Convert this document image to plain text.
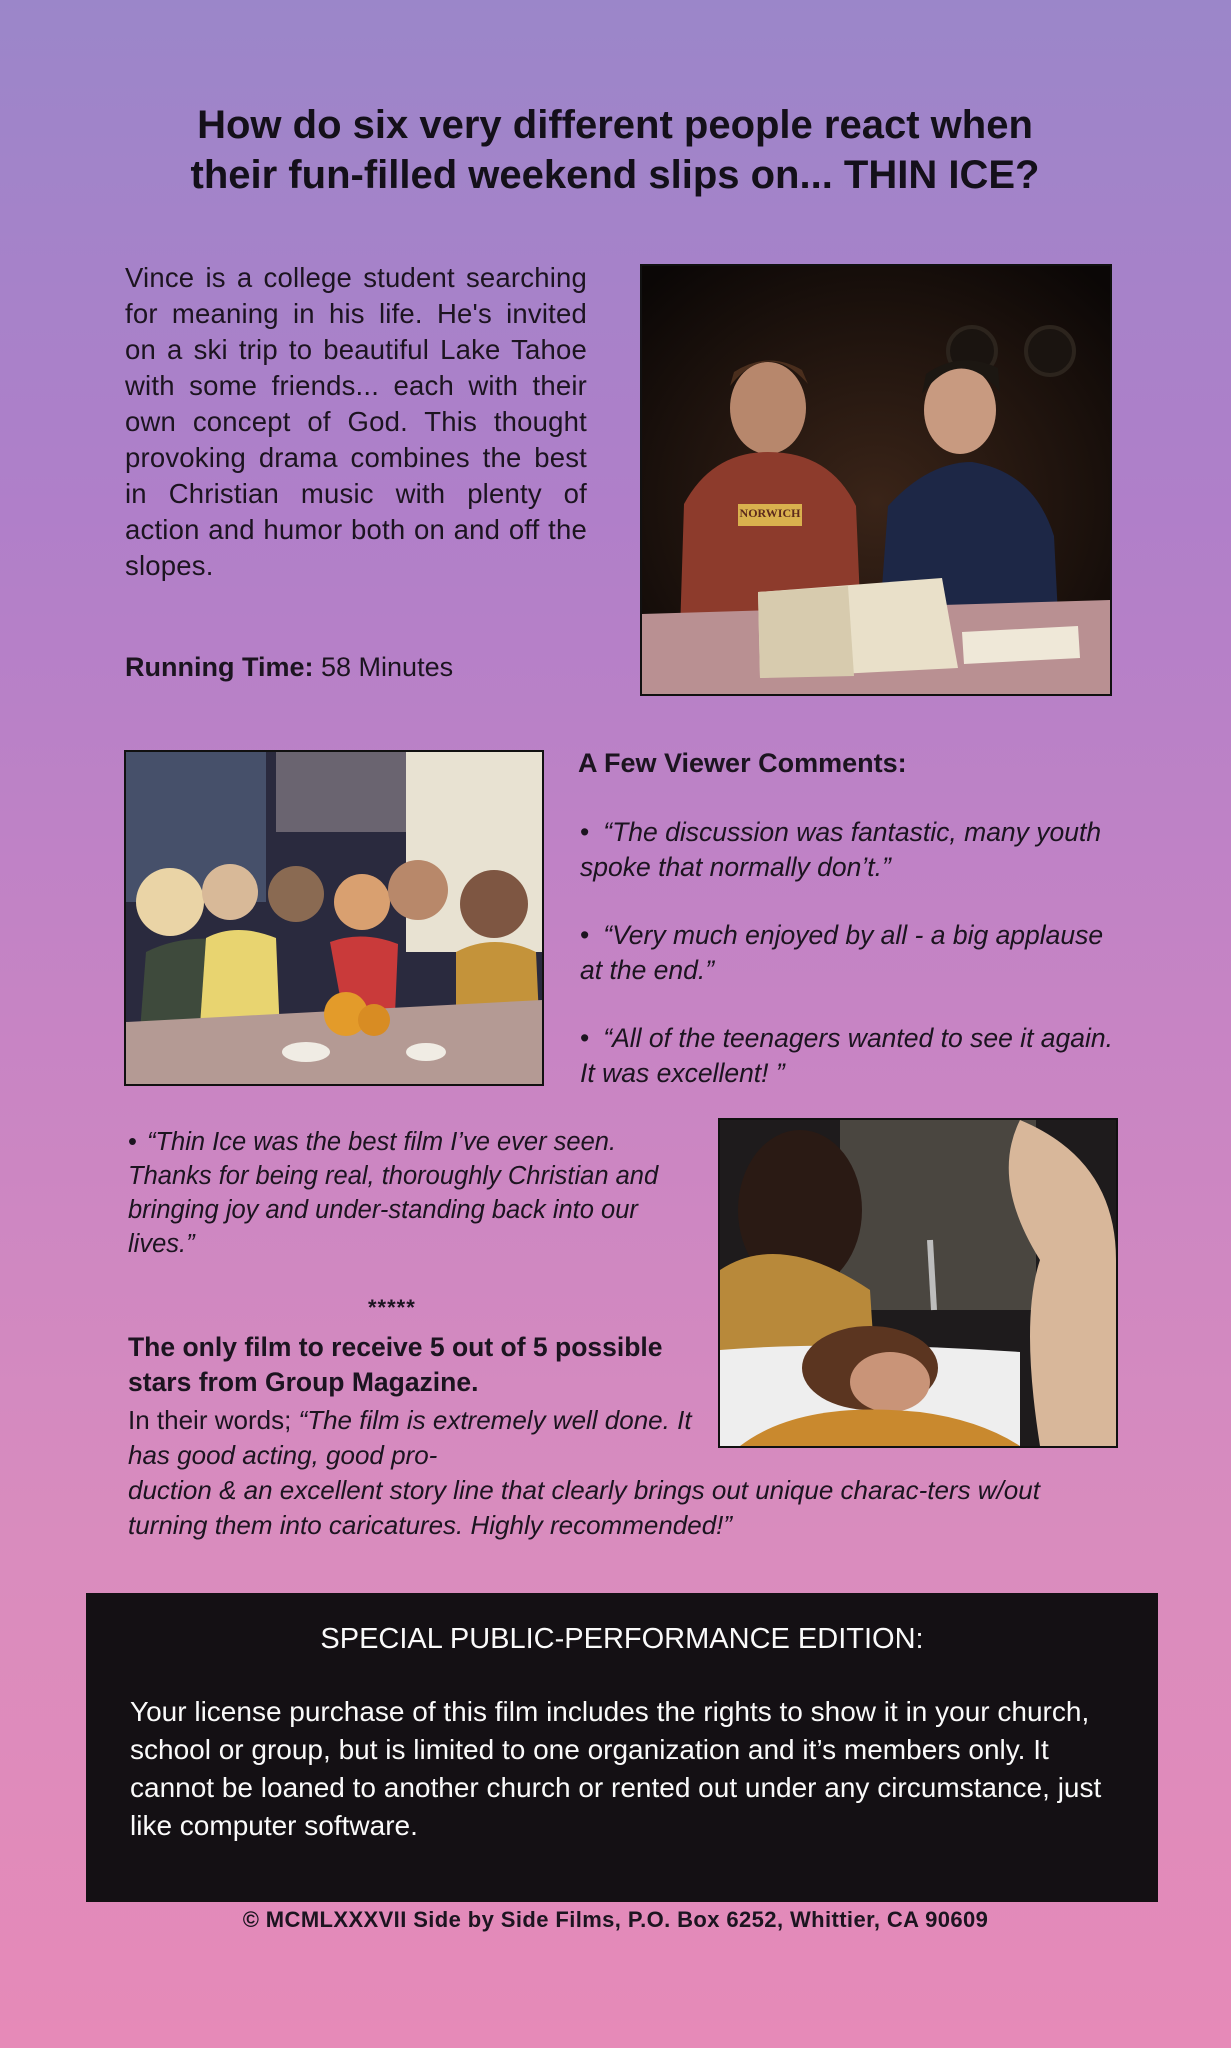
How do six very different people react when
their fun-filled weekend slips on... THIN ICE?
Vince is a college student searching for meaning in his life. He's invited on a ski trip to beautiful Lake Tahoe with some friends... each with their own concept of God. This thought provoking drama combines the best in Christian music with plenty of action and humor both on and off the slopes.
Running Time: 58 Minutes
NORWICH
A Few Viewer Comments:
• “The discussion was fantastic, many youth spoke that normally don’t.”
• “Very much enjoyed by all - a big applause at the end.”
• “All of the teenagers wanted to see it again. It was excellent! ”
• “Thin Ice was the best film I’ve ever seen. Thanks for being real, thoroughly Christian and bringing joy and under-standing back into our lives.”
*****
The only film to receive 5 out of 5 possible stars from Group Magazine.
In their words; “The film is extremely well done. It has good acting, good pro-
duction & an excellent story line that clearly brings out unique charac-ters w/out turning them into caricatures. Highly recommended!”
SPECIAL PUBLIC-PERFORMANCE EDITION:
Your license purchase of this film includes the rights to show it in your church, school or group, but is limited to one organization and it’s members only. It cannot be loaned to another church or rented out under any circumstance, just like computer software.
© MCMLXXXVII Side by Side Films, P.O. Box 6252, Whittier, CA 90609
